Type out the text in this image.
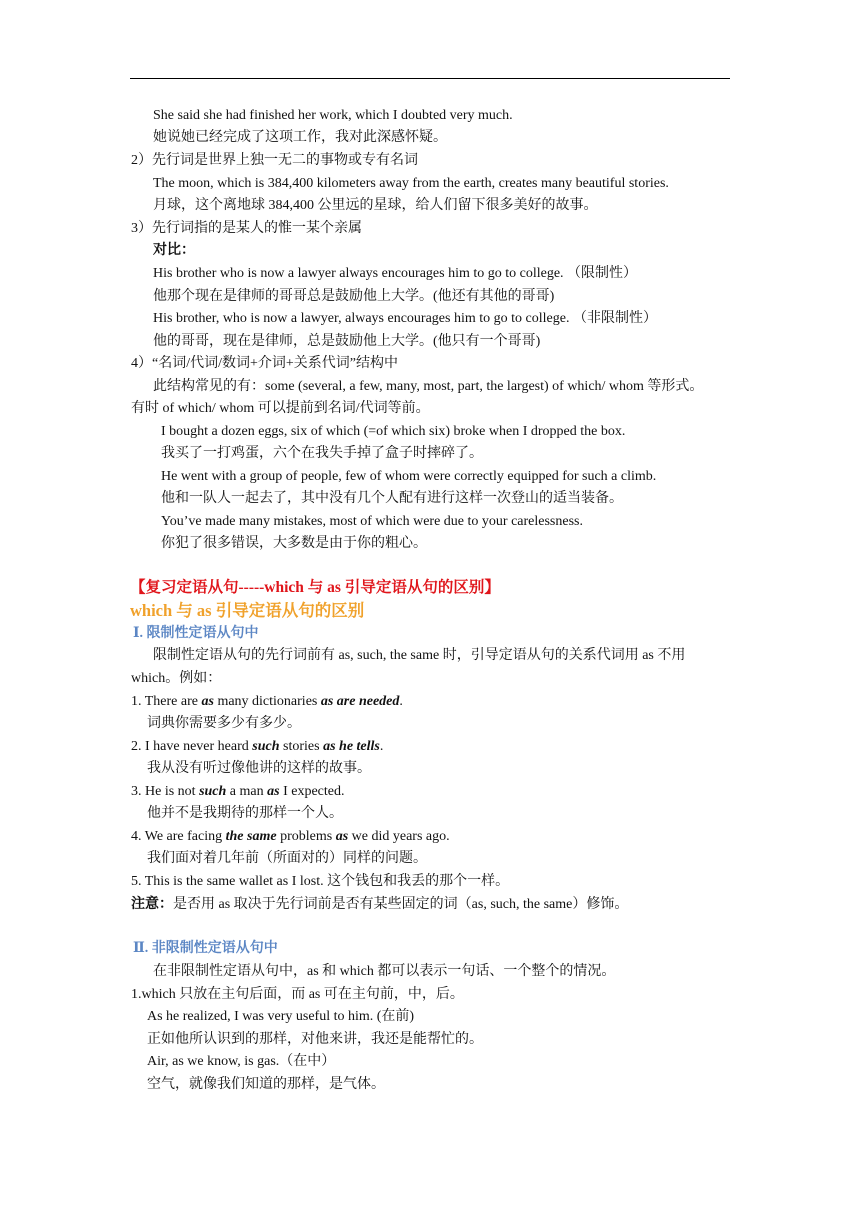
She said she had finished her work, which I doubted very much.
她说她已经完成了这项工作，我对此深感怀疑。
2）先行词是世界上独一无二的事物或专有名词
The moon, which is 384,400 kilometers away from the earth, creates many beautiful stories.
月球，这个离地球 384,400 公里远的星球，给人们留下很多美好的故事。
3）先行词指的是某人的惟一某个亲属
对比：
His brother who is now a lawyer always encourages him to go to college. （限制性）
他那个现在是律师的哥哥总是鼓励他上大学。(他还有其他的哥哥)
His brother, who is now a lawyer, always encourages him to go to college. （非限制性）
他的哥哥，现在是律师，总是鼓励他上大学。(他只有一个哥哥)
4）“名词/代词/数词+介词+关系代词”结构中
此结构常见的有：some (several, a few, many, most, part, the largest) of which/ whom 等形式。
有时 of which/ whom 可以提前到名词/代词等前。
I bought a dozen eggs, six of which (=of which six) broke when I dropped the box.
我买了一打鸡蛋，六个在我失手掉了盒子时摔碎了。
He went with a group of people, few of whom were correctly equipped for such a climb.
他和一队人一起去了，其中没有几个人配有进行这样一次登山的适当装备。
You’ve made many mistakes, most of which were due to your carelessness.
你犯了很多错误，大多数是由于你的粗心。
【复习定语从句-----which 与 as 引导定语从句的区别】
which 与 as 引导定语从句的区别
Ⅰ. 限制性定语从句中
限制性定语从句的先行词前有 as, such, the same 时，引导定语从句的关系代词用 as 不用
which。例如：
1. There are as many dictionaries as are needed.
词典你需要多少有多少。
2. I have never heard such stories as he tells.
我从没有听过像他讲的这样的故事。
3. He is not such a man as I expected.
他并不是我期待的那样一个人。
4. We are facing the same problems as we did years ago.
我们面对着几年前（所面对的）同样的问题。
5. This is the same wallet as I lost. 这个钱包和我丢的那个一样。
注意：是否用 as 取决于先行词前是否有某些固定的词（as, such, the same）修饰。
Ⅱ. 非限制性定语从句中
在非限制性定语从句中，as 和 which 都可以表示一句话、一个整个的情况。
1.which 只放在主句后面，而 as 可在主句前，中，后。
As he realized, I was very useful to him. (在前)
正如他所认识到的那样，对他来讲，我还是能帮忙的。
Air, as we know, is gas.（在中）
空气，就像我们知道的那样，是气体。
